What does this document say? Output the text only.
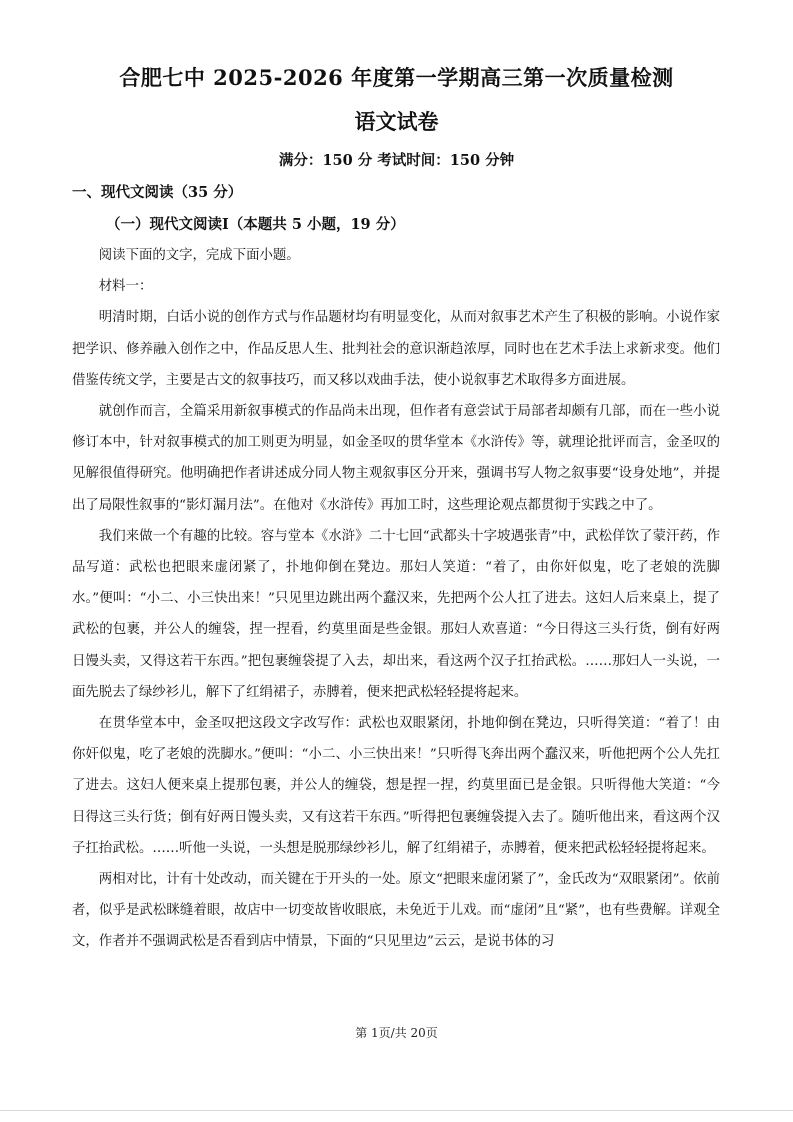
合肥七中 2025-2026 年度第一学期高三第一次质量检测
语文试卷
满分：150 分 考试时间：150 分钟
一、现代文阅读（35 分）
（一）现代文阅读Ⅰ（本题共 5 小题，19 分）

阅读下面的文字，完成下面小题。

材料一：

明清时期，白话小说的创作方式与作品题材均有明显变化，从而对叙事艺术产生了积极的影响。小说作家把学识、修养融入创作之中，作品反思人生、批判社会的意识渐趋浓厚，同时也在艺术手法上求新求变。他们借鉴传统文学，主要是古文的叙事技巧，而又移以戏曲手法，使小说叙事艺术取得多方面进展。

就创作而言，全篇采用新叙事模式的作品尚未出现，但作者有意尝试于局部者却颇有几部，而在一些小说修订本中，针对叙事模式的加工则更为明显，如金圣叹的贯华堂本《水浒传》等，就理论批评而言，金圣叹的见解很值得研究。他明确把作者讲述成分同人物主观叙事区分开来，强调书写人物之叙事要“设身处地”，并提出了局限性叙事的“影灯漏月法”。在他对《水浒传》再加工时，这些理论观点都贯彻于实践之中了。

我们来做一个有趣的比较。容与堂本《水浒》二十七回“武都头十字坡遇张青”中，武松佯饮了蒙汗药，作品写道：武松也把眼来虚闭紧了，扑地仰倒在凳边。那妇人笑道：“着了，由你奸似鬼，吃了老娘的洗脚水。”便叫：“小二、小三快出来！”只见里边跳出两个蠢汉来，先把两个公人扛了进去。这妇人后来桌上，提了武松的包裹，并公人的缠袋，捏一捏看，约莫里面是些金银。那妇人欢喜道：“今日得这三头行货，倒有好两日馒头卖，又得这若干东西。”把包裹缠袋提了入去，却出来，看这两个汉子扛抬武松。……那妇人一头说，一面先脱去了绿纱衫儿，解下了红绢裙子，赤膊着，便来把武松轻轻提将起来。

在贯华堂本中，金圣叹把这段文字改写作：武松也双眼紧闭，扑地仰倒在凳边，只听得笑道：“着了！由你奸似鬼，吃了老娘的洗脚水。”便叫：“小二、小三快出来！”只听得飞奔出两个蠢汉来，听他把两个公人先扛了进去。这妇人便来桌上提那包裹，并公人的缠袋，想是捏一捏，约莫里面已是金银。只听得他大笑道：“今日得这三头行货；倒有好两日馒头卖，又有这若干东西。”听得把包裹缠袋提入去了。随听他出来，看这两个汉子扛抬武松。……听他一头说，一头想是脱那绿纱衫儿，解了红绢裙子，赤膊着，便来把武松轻轻提将起来。

两相对比，计有十处改动，而关键在于开头的一处。原文“把眼来虚闭紧了”，金氏改为“双眼紧闭”。依前者，似乎是武松眯缝着眼，故店中一切变故皆收眼底，未免近于儿戏。而“虚闭”且“紧”，也有些费解。详观全文，作者并不强调武松是否看到店中情景，下面的“只见里边”云云，是说书体的习

第 1页/共 20页
